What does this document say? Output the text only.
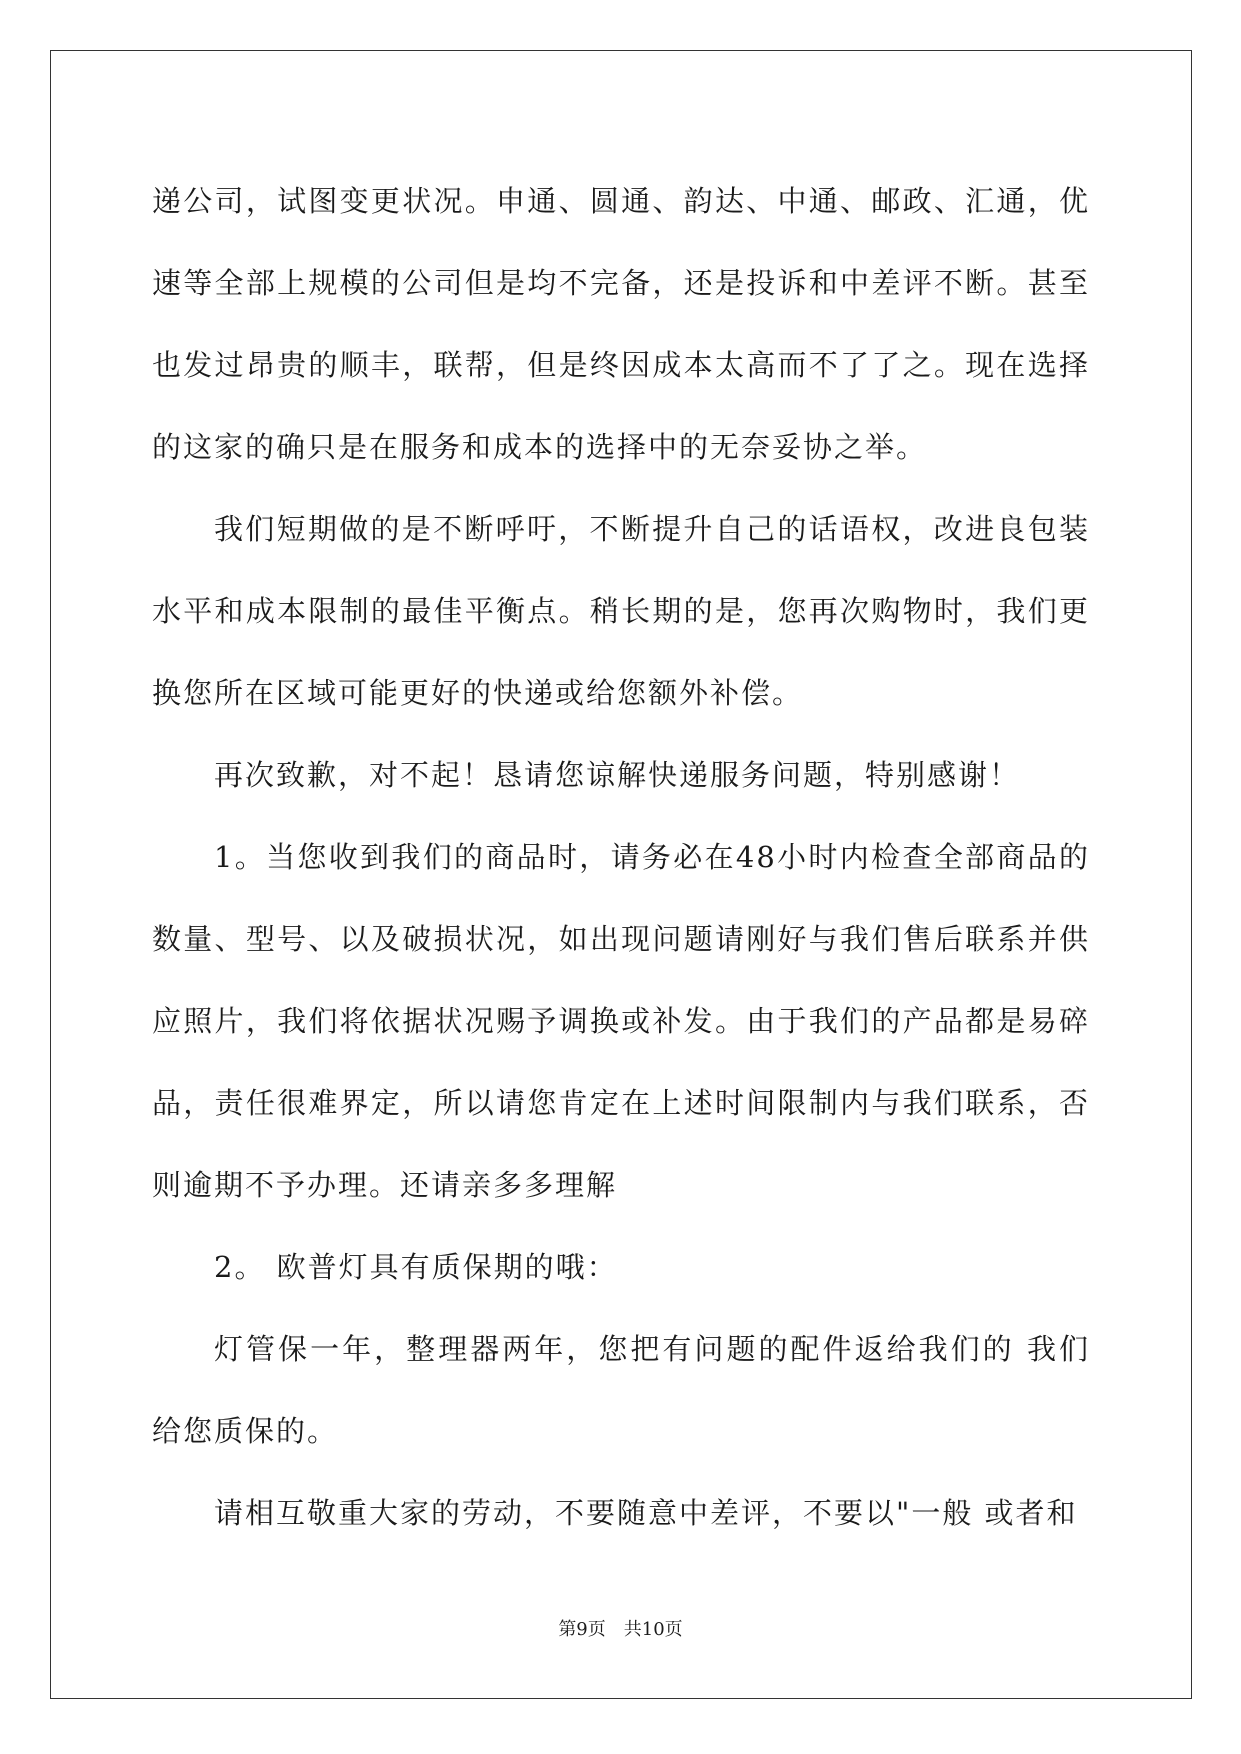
递公司，试图变更状况。申通、圆通、韵达、中通、邮政、汇通，优速等全部上规模的公司但是均不完备，还是投诉和中差评不断。甚至也发过昂贵的顺丰，联帮，但是终因成本太高而不了了之。现在选择的这家的确只是在服务和成本的选择中的无奈妥协之举。

我们短期做的是不断呼吁，不断提升自己的话语权，改进良包装水平和成本限制的最佳平衡点。稍长期的是，您再次购物时，我们更换您所在区域可能更好的快递或给您额外补偿。

再次致歉，对不起！恳请您谅解快递服务问题，特别感谢！

1。当您收到我们的商品时，请务必在48小时内检查全部商品的数量、型号、以及破损状况，如出现问题请刚好与我们售后联系并供应照片，我们将依据状况赐予调换或补发。由于我们的产品都是易碎品，责任很难界定，所以请您肯定在上述时间限制内与我们联系，否则逾期不予办理。还请亲多多理解

2。 欧普灯具有质保期的哦：

灯管保一年，整理器两年，您把有问题的配件返给我们的 我们给您质保的。

请相互敬重大家的劳动，不要随意中差评，不要以"一般 或者和

第9页 共10页
